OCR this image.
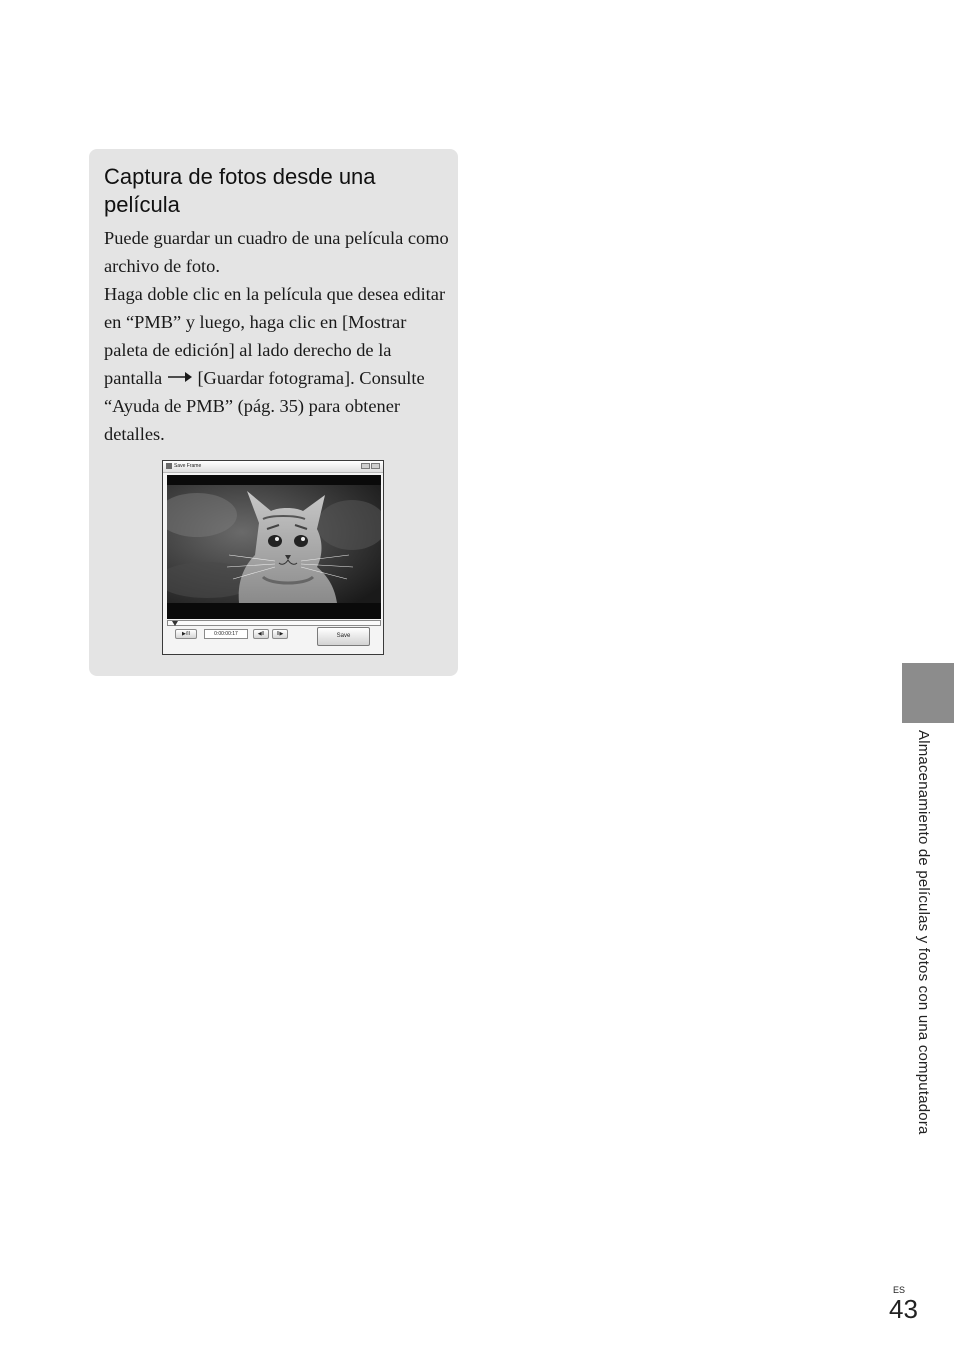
Captura de fotos desde una película

Puede guardar un cuadro de una película como archivo de foto.

Haga doble clic en la película que desea editar en “PMB” y luego, haga clic en [Mostrar paleta de edición] al lado derecho de la pantalla [Guardar fotograma]. Consulte “Ayuda de PMB” (pág. 35) para obtener detalles.

Save Frame
▶/II	0:00:00:17	◀II	II▶	Save
Almacenamiento de películas y fotos con una computadora
ES
43
